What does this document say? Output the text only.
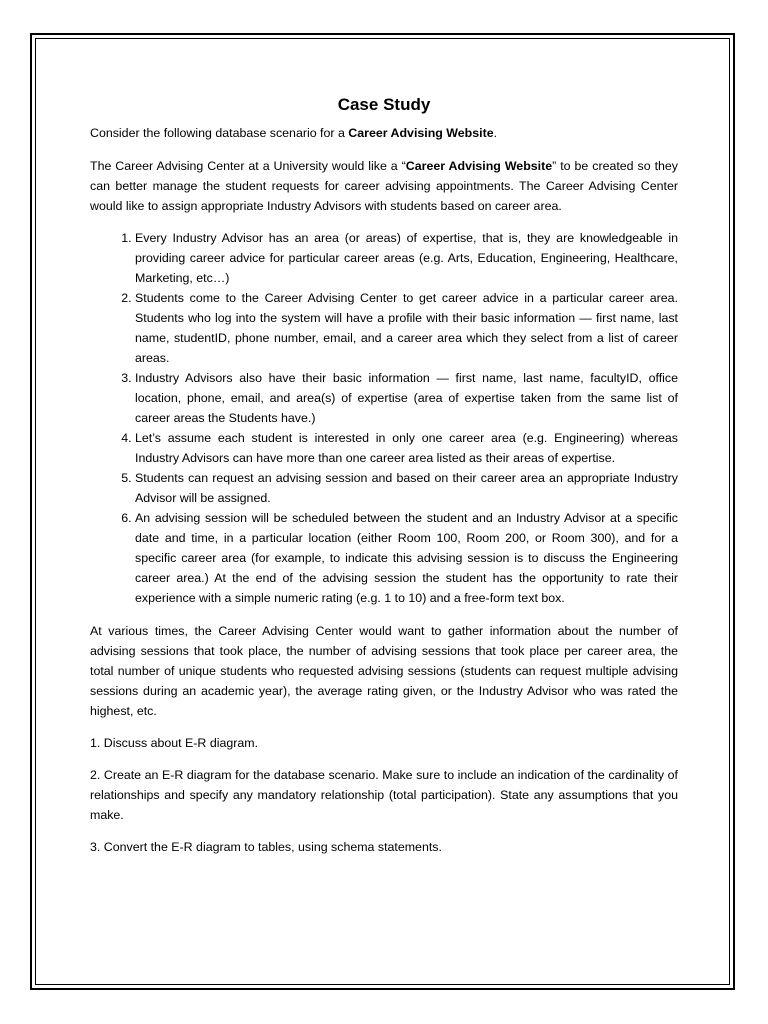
Case Study

Consider the following database scenario for a Career Advising Website.

The Career Advising Center at a University would like a “Career Advising Website” to be created so they can better manage the student requests for career advising appointments. The Career Advising Center would like to assign appropriate Industry Advisors with students based on career area.

1. Every Industry Advisor has an area (or areas) of expertise, that is, they are knowledgeable in providing career advice for particular career areas (e.g. Arts, Education, Engineering, Healthcare, Marketing, etc…)
2. Students come to the Career Advising Center to get career advice in a particular career area. Students who log into the system will have a profile with their basic information — first name, last name, studentID, phone number, email, and a career area which they select from a list of career areas.
3. Industry Advisors also have their basic information — first name, last name, facultyID, office location, phone, email, and area(s) of expertise (area of expertise taken from the same list of career areas the Students have.)
4. Let’s assume each student is interested in only one career area (e.g. Engineering) whereas Industry Advisors can have more than one career area listed as their areas of expertise.
5. Students can request an advising session and based on their career area an appropriate Industry Advisor will be assigned.
6. An advising session will be scheduled between the student and an Industry Advisor at a specific date and time, in a particular location (either Room 100, Room 200, or Room 300), and for a specific career area (for example, to indicate this advising session is to discuss the Engineering career area.) At the end of the advising session the student has the opportunity to rate their experience with a simple numeric rating (e.g. 1 to 10) and a free-form text box.

At various times, the Career Advising Center would want to gather information about the number of advising sessions that took place, the number of advising sessions that took place per career area, the total number of unique students who requested advising sessions (students can request multiple advising sessions during an academic year), the average rating given, or the Industry Advisor who was rated the highest, etc.

1. Discuss about E-R diagram.

2. Create an E-R diagram for the database scenario. Make sure to include an indication of the cardinality of relationships and specify any mandatory relationship (total participation). State any assumptions that you make.

3. Convert the E-R diagram to tables, using schema statements.
